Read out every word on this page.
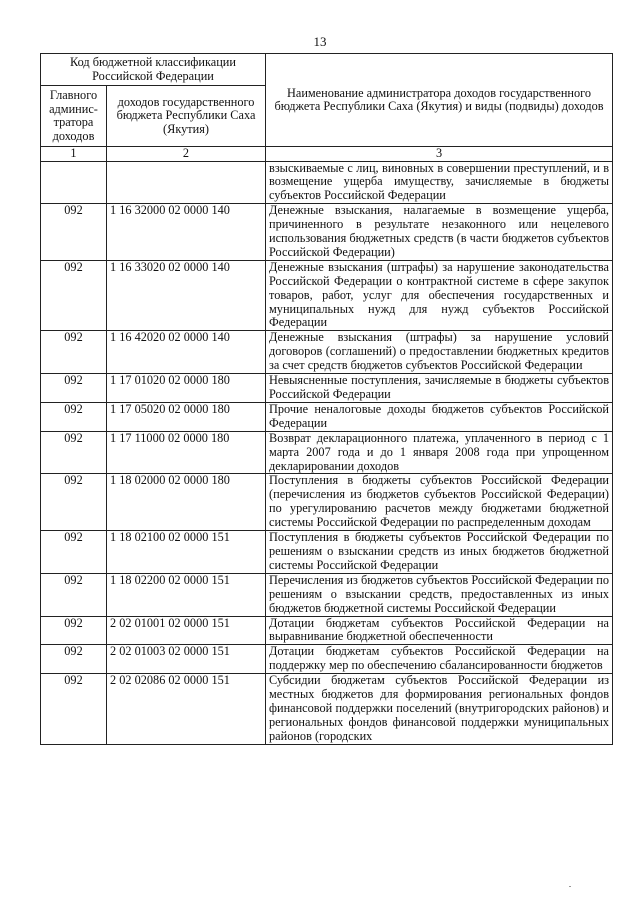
13
Код бюджетной классификации Российской Федерации		Наименование администратора доходов государственного бюджета Республики Саха (Якутия) и виды (подвиды) доходов
Главного админис-тратора доходов	доходов государственного бюджета Республики Саха (Якутия)	
1	2	3
		взыскиваемые с лиц, виновных в совершении преступлений, и в возмещение ущерба имуществу, зачисляемые в бюджеты субъектов Российской Федерации
092	1 16 32000 02 0000 140	Денежные взыскания, налагаемые в возмещение ущерба, причиненного в результате незаконного или нецелевого использования бюджетных средств (в части бюджетов субъектов Российской Федерации)
092	1 16 33020 02 0000 140	Денежные взыскания (штрафы) за нарушение законодательства Российской Федерации о контрактной системе в сфере закупок товаров, работ, услуг для обеспечения государственных и муниципальных нужд для нужд субъектов Российской Федерации
092	1 16 42020 02 0000 140	Денежные взыскания (штрафы) за нарушение условий договоров (соглашений) о предоставлении бюджетных кредитов за счет средств бюджетов субъектов Российской Федерации
092	1 17 01020 02 0000 180	Невыясненные поступления, зачисляемые в бюджеты субъектов Российской Федерации
092	1 17 05020 02 0000 180	Прочие неналоговые доходы бюджетов субъектов Российской Федерации
092	1 17 11000 02 0000 180	Возврат декларационного платежа, уплаченного в период с 1 марта 2007 года и до 1 января 2008 года при упрощенном декларировании доходов
092	1 18 02000 02 0000 180	Поступления в бюджеты субъектов Российской Федерации (перечисления из бюджетов субъектов Российской Федерации) по урегулированию расчетов между бюджетами бюджетной системы Российской Федерации по распределенным доходам
092	1 18 02100 02 0000 151	Поступления в бюджеты субъектов Российской Федерации по решениям о взыскании средств из иных бюджетов бюджетной системы Российской Федерации
092	1 18 02200 02 0000 151	Перечисления из бюджетов субъектов Российской Федерации по решениям о взыскании средств, предоставленных из иных бюджетов бюджетной системы Российской Федерации
092	2 02 01001 02 0000 151	Дотации бюджетам субъектов Российской Федерации на выравнивание бюджетной обеспеченности
092	2 02 01003 02 0000 151	Дотации бюджетам субъектов Российской Федерации на поддержку мер по обеспечению сбалансированности бюджетов
092	2 02 02086 02 0000 151	Субсидии бюджетам субъектов Российской Федерации из местных бюджетов для формирования региональных фондов финансовой поддержки поселений (внутригородских районов) и региональных фондов финансовой поддержки муниципальных районов (городских
